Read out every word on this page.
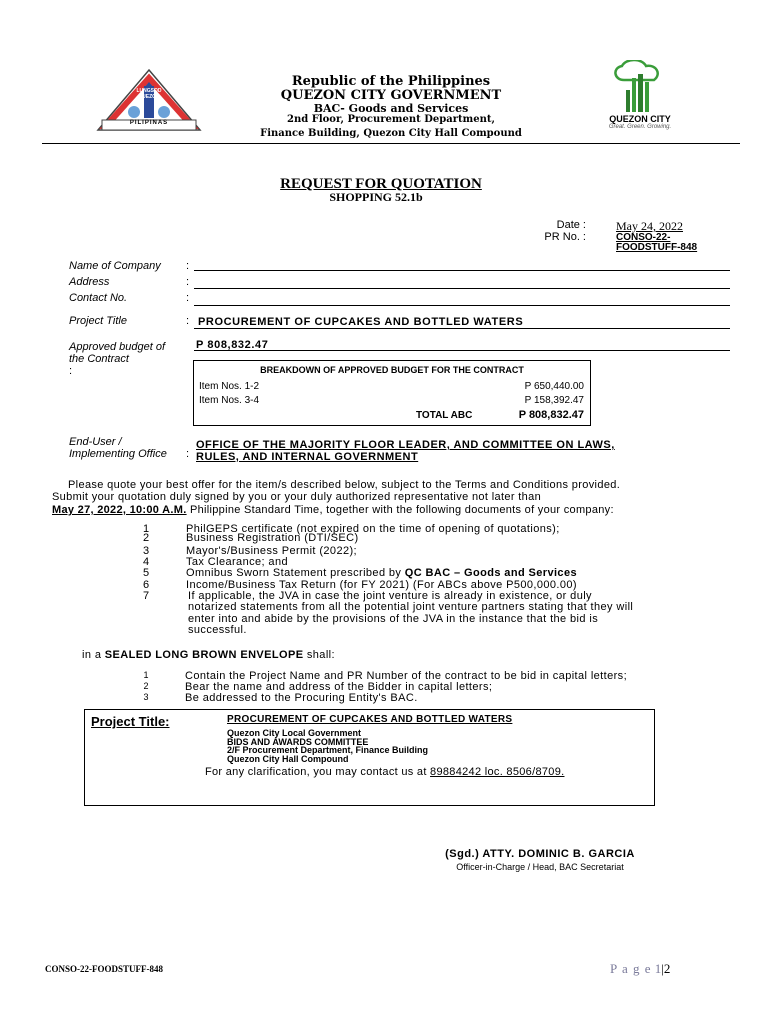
PILIPINAS
LUNGSOD QUEZON
Republic of the Philippines
QUEZON CITY GOVERNMENT
BAC- Goods and Services
2nd Floor, Procurement Department,
Finance Building, Quezon City Hall Compound
QUEZON CITY
Great. Green. Growing.
REQUEST FOR QUOTATION
SHOPPING 52.1b
Date :	May 24, 2022
PR No. :	CONSO-22-
FOODSTUFF-848
Name of Company :
Address	:
Contact No.	:
Project Title	: PROCUREMENT OF CUPCAKES AND BOTTLED WATERS
Approved budget of
the Contract
:
P 808,832.47
BREAKDOWN OF APPROVED BUDGET FOR THE CONTRACT
Item Nos. 1-2	P 650,440.00
Item Nos. 3-4	P 158,392.47
TOTAL ABC	P 808,832.47
End-User /
Implementing Office :
OFFICE OF THE MAJORITY FLOOR LEADER, AND COMMITTEE ON LAWS,
RULES, AND INTERNAL GOVERNMENT
Please quote your best offer for the item/s described below, subject to the Terms and Conditions provided.
Submit your quotation duly signed by you or your duly authorized representative not later than
May 27, 2022, 10:00 A.M. Philippine Standard Time, together with the following documents of your company:
1	PhilGEPS certificate (not expired on the time of opening of quotations);
2	Business Registration (DTI/SEC)
3	Mayor's/Business Permit (2022);
4	Tax Clearance; and
5	Omnibus Sworn Statement prescribed by QC BAC – Goods and Services
6	Income/Business Tax Return (for FY 2021) (For ABCs above P500,000.00)
7	If applicable, the JVA in case the joint venture is already in existence, or duly
notarized statements from all the potential joint venture partners stating that they will
enter into and abide by the provisions of the JVA in the instance that the bid is
successful.
in a SEALED LONG BROWN ENVELOPE shall:
1	Contain the Project Name and PR Number of the contract to be bid in capital letters;
2	Bear the name and address of the Bidder in capital letters;
3	Be addressed to the Procuring Entity's BAC.
Project Title:	PROCUREMENT OF CUPCAKES AND BOTTLED WATERS
Quezon City Local Government
BIDS AND AWARDS COMMITTEE
2/F Procurement Department, Finance Building
Quezon City Hall Compound
For any clarification, you may contact us at 89884242 loc. 8506/8709.
(Sgd.) ATTY. DOMINIC B. GARCIA
Officer-in-Charge / Head, BAC Secretariat
CONSO-22-FOODSTUFF-848	P a g e 1|2
